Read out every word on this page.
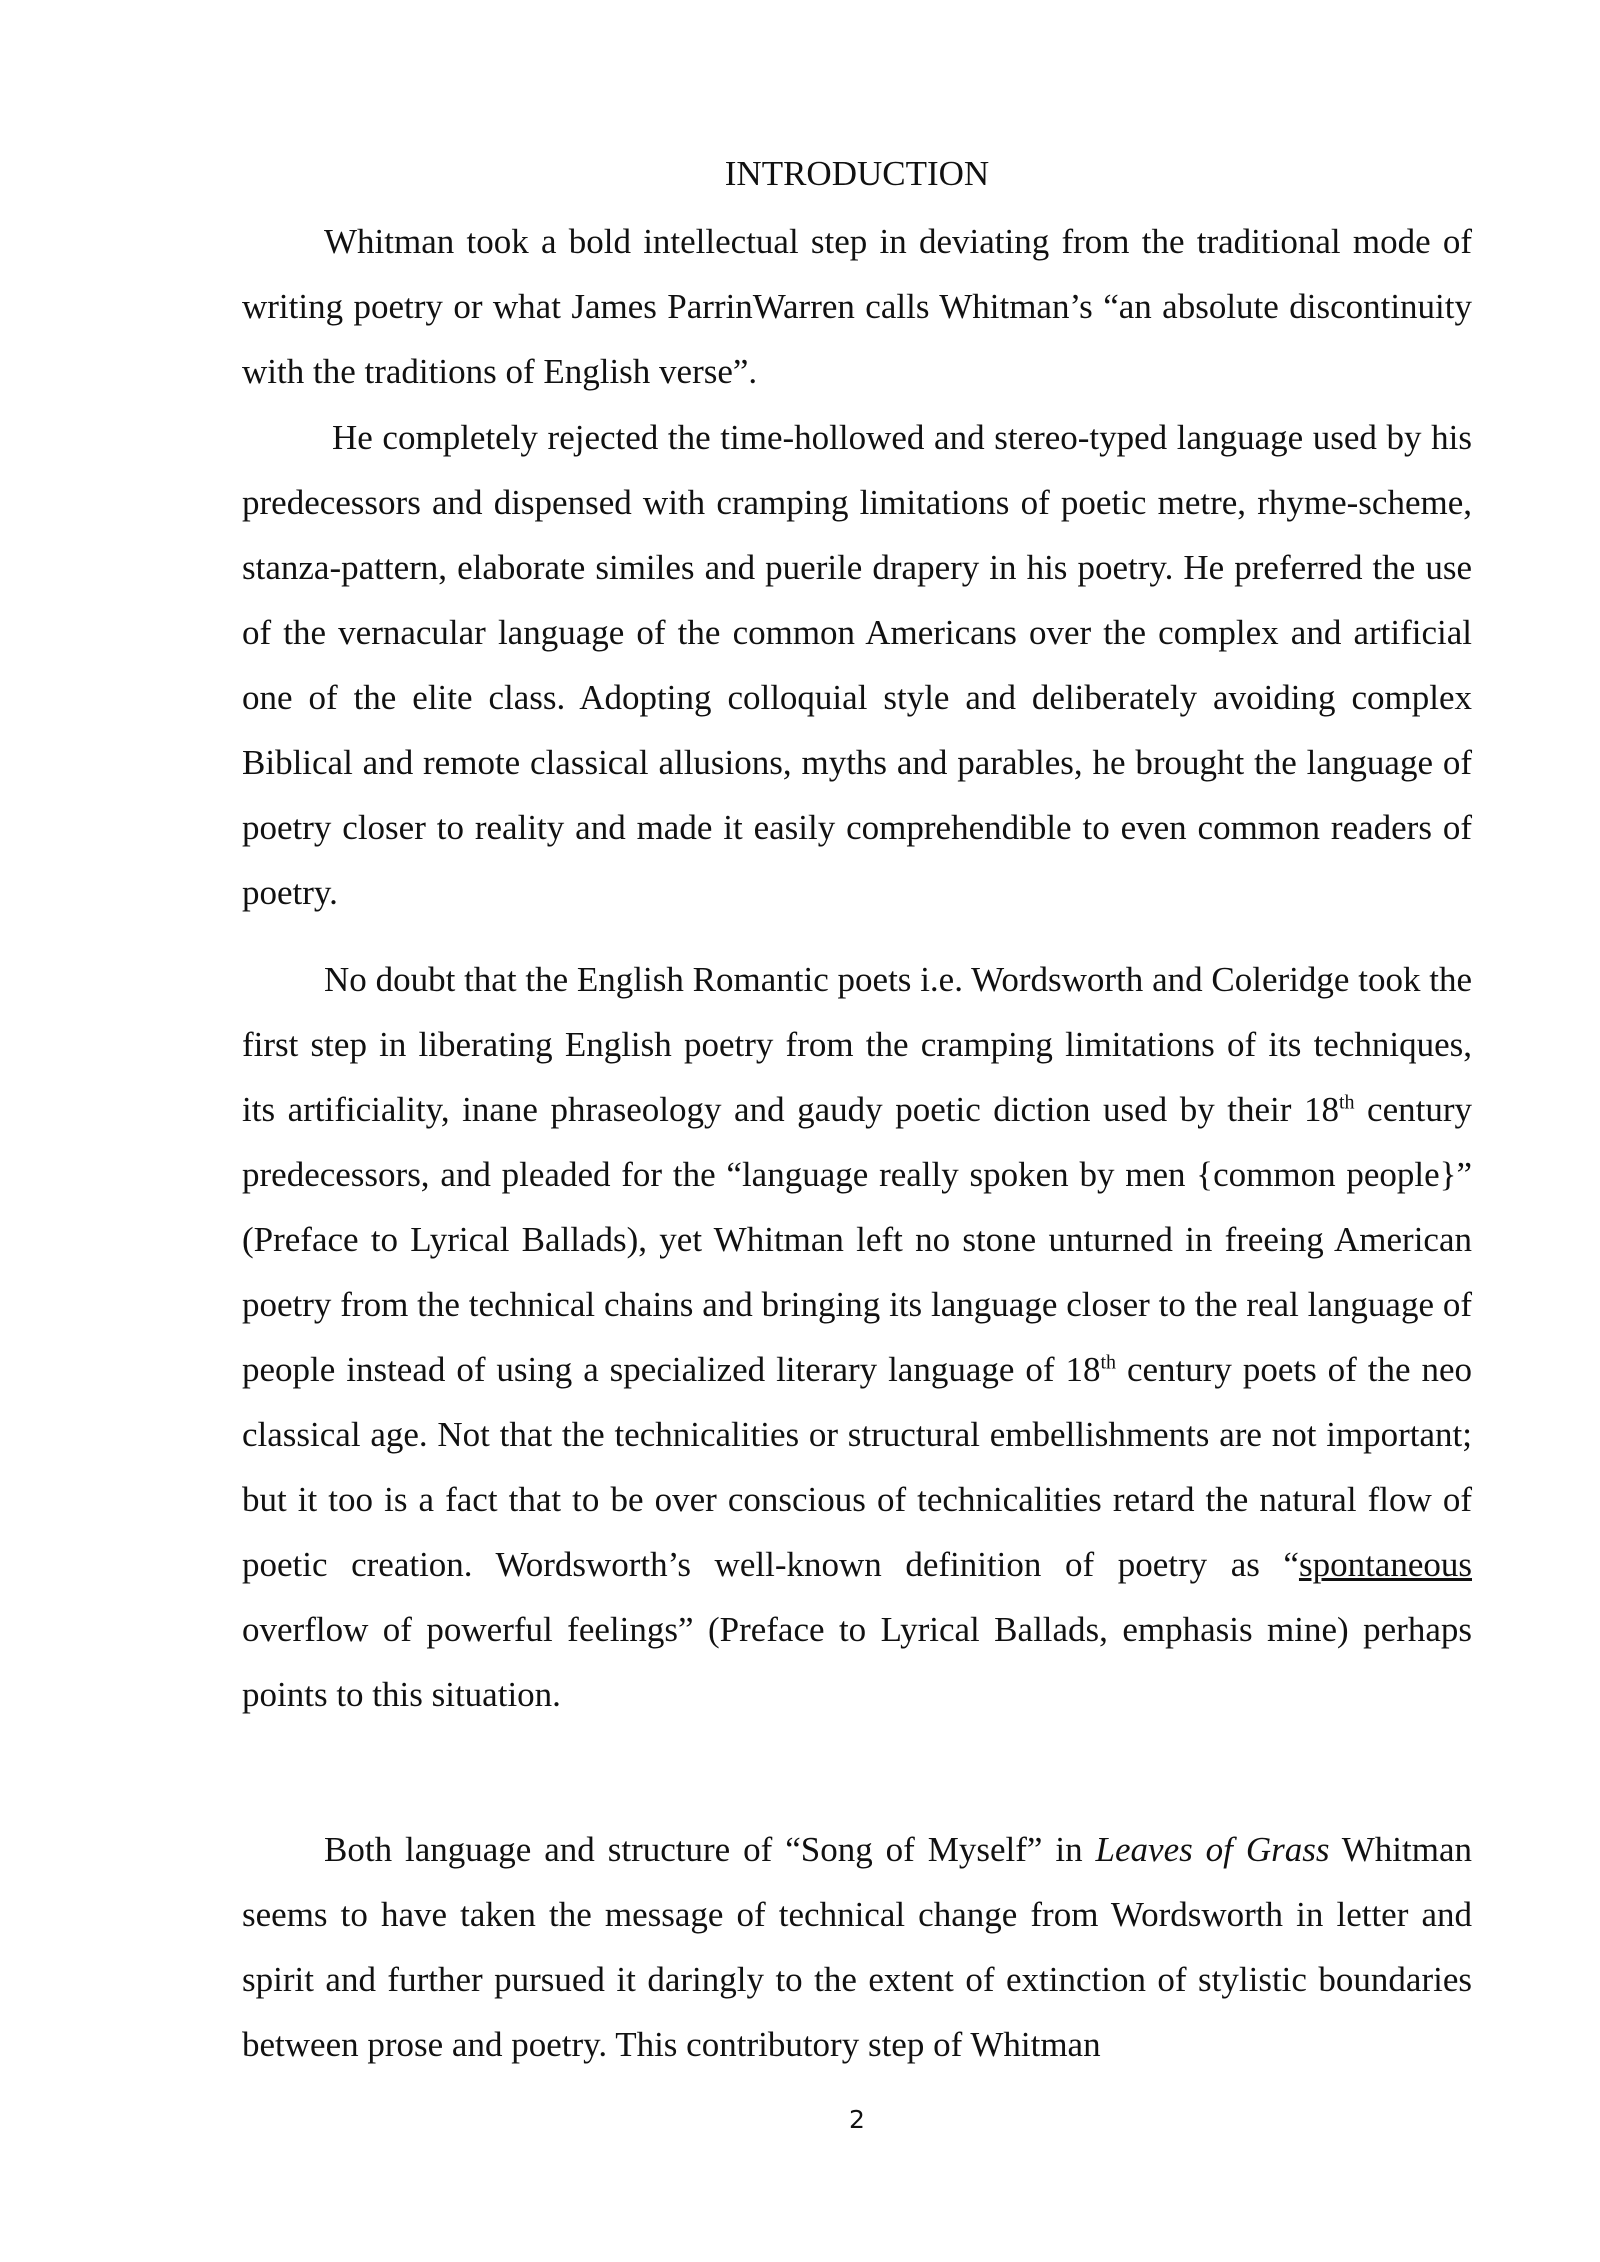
INTRODUCTION

Whitman took a bold intellectual step in deviating from the traditional mode of writing poetry or what James ParrinWarren calls Whitman’s “an absolute discontinuity with the traditions of English verse”.

He completely rejected the time-hollowed and stereo-typed language used by his predecessors and dispensed with cramping limitations of poetic metre, rhyme-scheme, stanza-pattern, elaborate similes and puerile drapery in his poetry. He preferred the use of the vernacular language of the common Americans over the complex and artificial one of the elite class. Adopting colloquial style and deliberately avoiding complex Biblical and remote classical allusions, myths and parables, he brought the language of poetry closer to reality and made it easily comprehendible to even common readers of poetry.

No doubt that the English Romantic poets i.e. Wordsworth and Coleridge took the first step in liberating English poetry from the cramping limitations of its techniques, its artificiality, inane phraseology and gaudy poetic diction used by their 18th century predecessors, and pleaded for the “language really spoken by men {common people}” (Preface to Lyrical Ballads), yet Whitman left no stone unturned in freeing American poetry from the technical chains and bringing its language closer to the real language of people instead of using a specialized literary language of 18th century poets of the neo classical age. Not that the technicalities or structural embellishments are not important; but it too is a fact that to be over conscious of technicalities retard the natural flow of poetic creation. Wordsworth’s well-known definition of poetry as “spontaneous overflow of powerful feelings” (Preface to Lyrical Ballads, emphasis mine) perhaps points to this situation.

Both language and structure of “Song of Myself” in Leaves of Grass Whitman seems to have taken the message of technical change from Wordsworth in letter and spirit and further pursued it daringly to the extent of extinction of stylistic boundaries between prose and poetry. This contributory step of Whitman

2
